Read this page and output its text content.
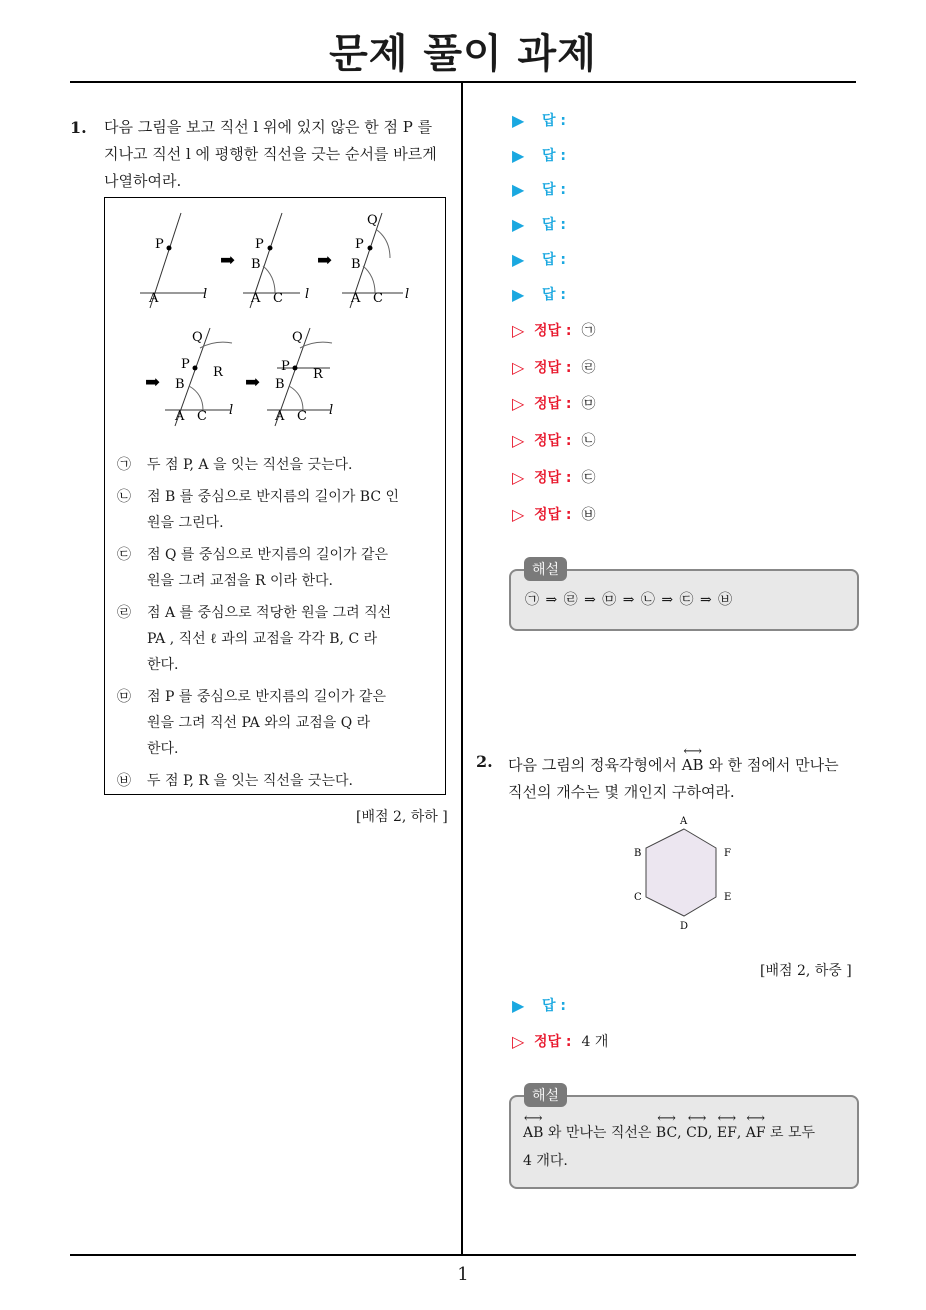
문제 풀이 과제
1
1. 다음 그림을 보고 직선 l 위에 있지 않은 한 점 P 를
지나고 직선 l 에 평행한 직선을 긋는 순서를 바르게
나열하여라.
P
A	l
➡
P
B
A C l
➡
P
B
Q
A C l
➡
Q
P
R
B
A C l
➡
Q
P
R
B
A C l
㉠ 두 점 P, A 을 잇는 직선을 긋는다.
㉡ 점 B 를 중심으로 반지름의 길이가 BC 인
원을 그린다.
㉢ 점 Q 를 중심으로 반지름의 길이가 같은
원을 그려 교점을 R 이라 한다.
㉣ 점 A 를 중심으로 적당한 원을 그려 직선
PA , 직선 ℓ 과의 교점을 각각 B, C 라
한다.
㉤ 점 P 를 중심으로 반지름의 길이가 같은
원을 그려 직선 PA 와의 교점을 Q 라
한다.
㉥ 두 점 P, R 을 잇는 직선을 긋는다.
[배점 2, 하하 ]
▶	답 :
▶	답 :
▶	답 :
▶	답 :
▶	답 :
▶	답 :
▷ 정답 : ㉠
▷ 정답 : ㉣
▷ 정답 : ㉤
▷ 정답 : ㉡
▷ 정답 : ㉢
▷ 정답 : ㉥
㉠ ⇒ ㉣ ⇒ ㉤ ⇒ ㉡ ⇒ ㉢ ⇒ ㉥
해설
2. 다음 그림의 정육각형에서 ⟷ AB 와 한 점에서 만나는
직선의 개수는 몇 개인지 구하여라.
A
B
C
D
E
F
[배점 2, 하중 ]
▶	답 :
▷ 정답 : 4 개
⟷ AB 와 만나는 직선은 ⟷ BC, ⟷ CD, ⟷ EF, ⟷ AF 로 모두
4 개다.
해설
